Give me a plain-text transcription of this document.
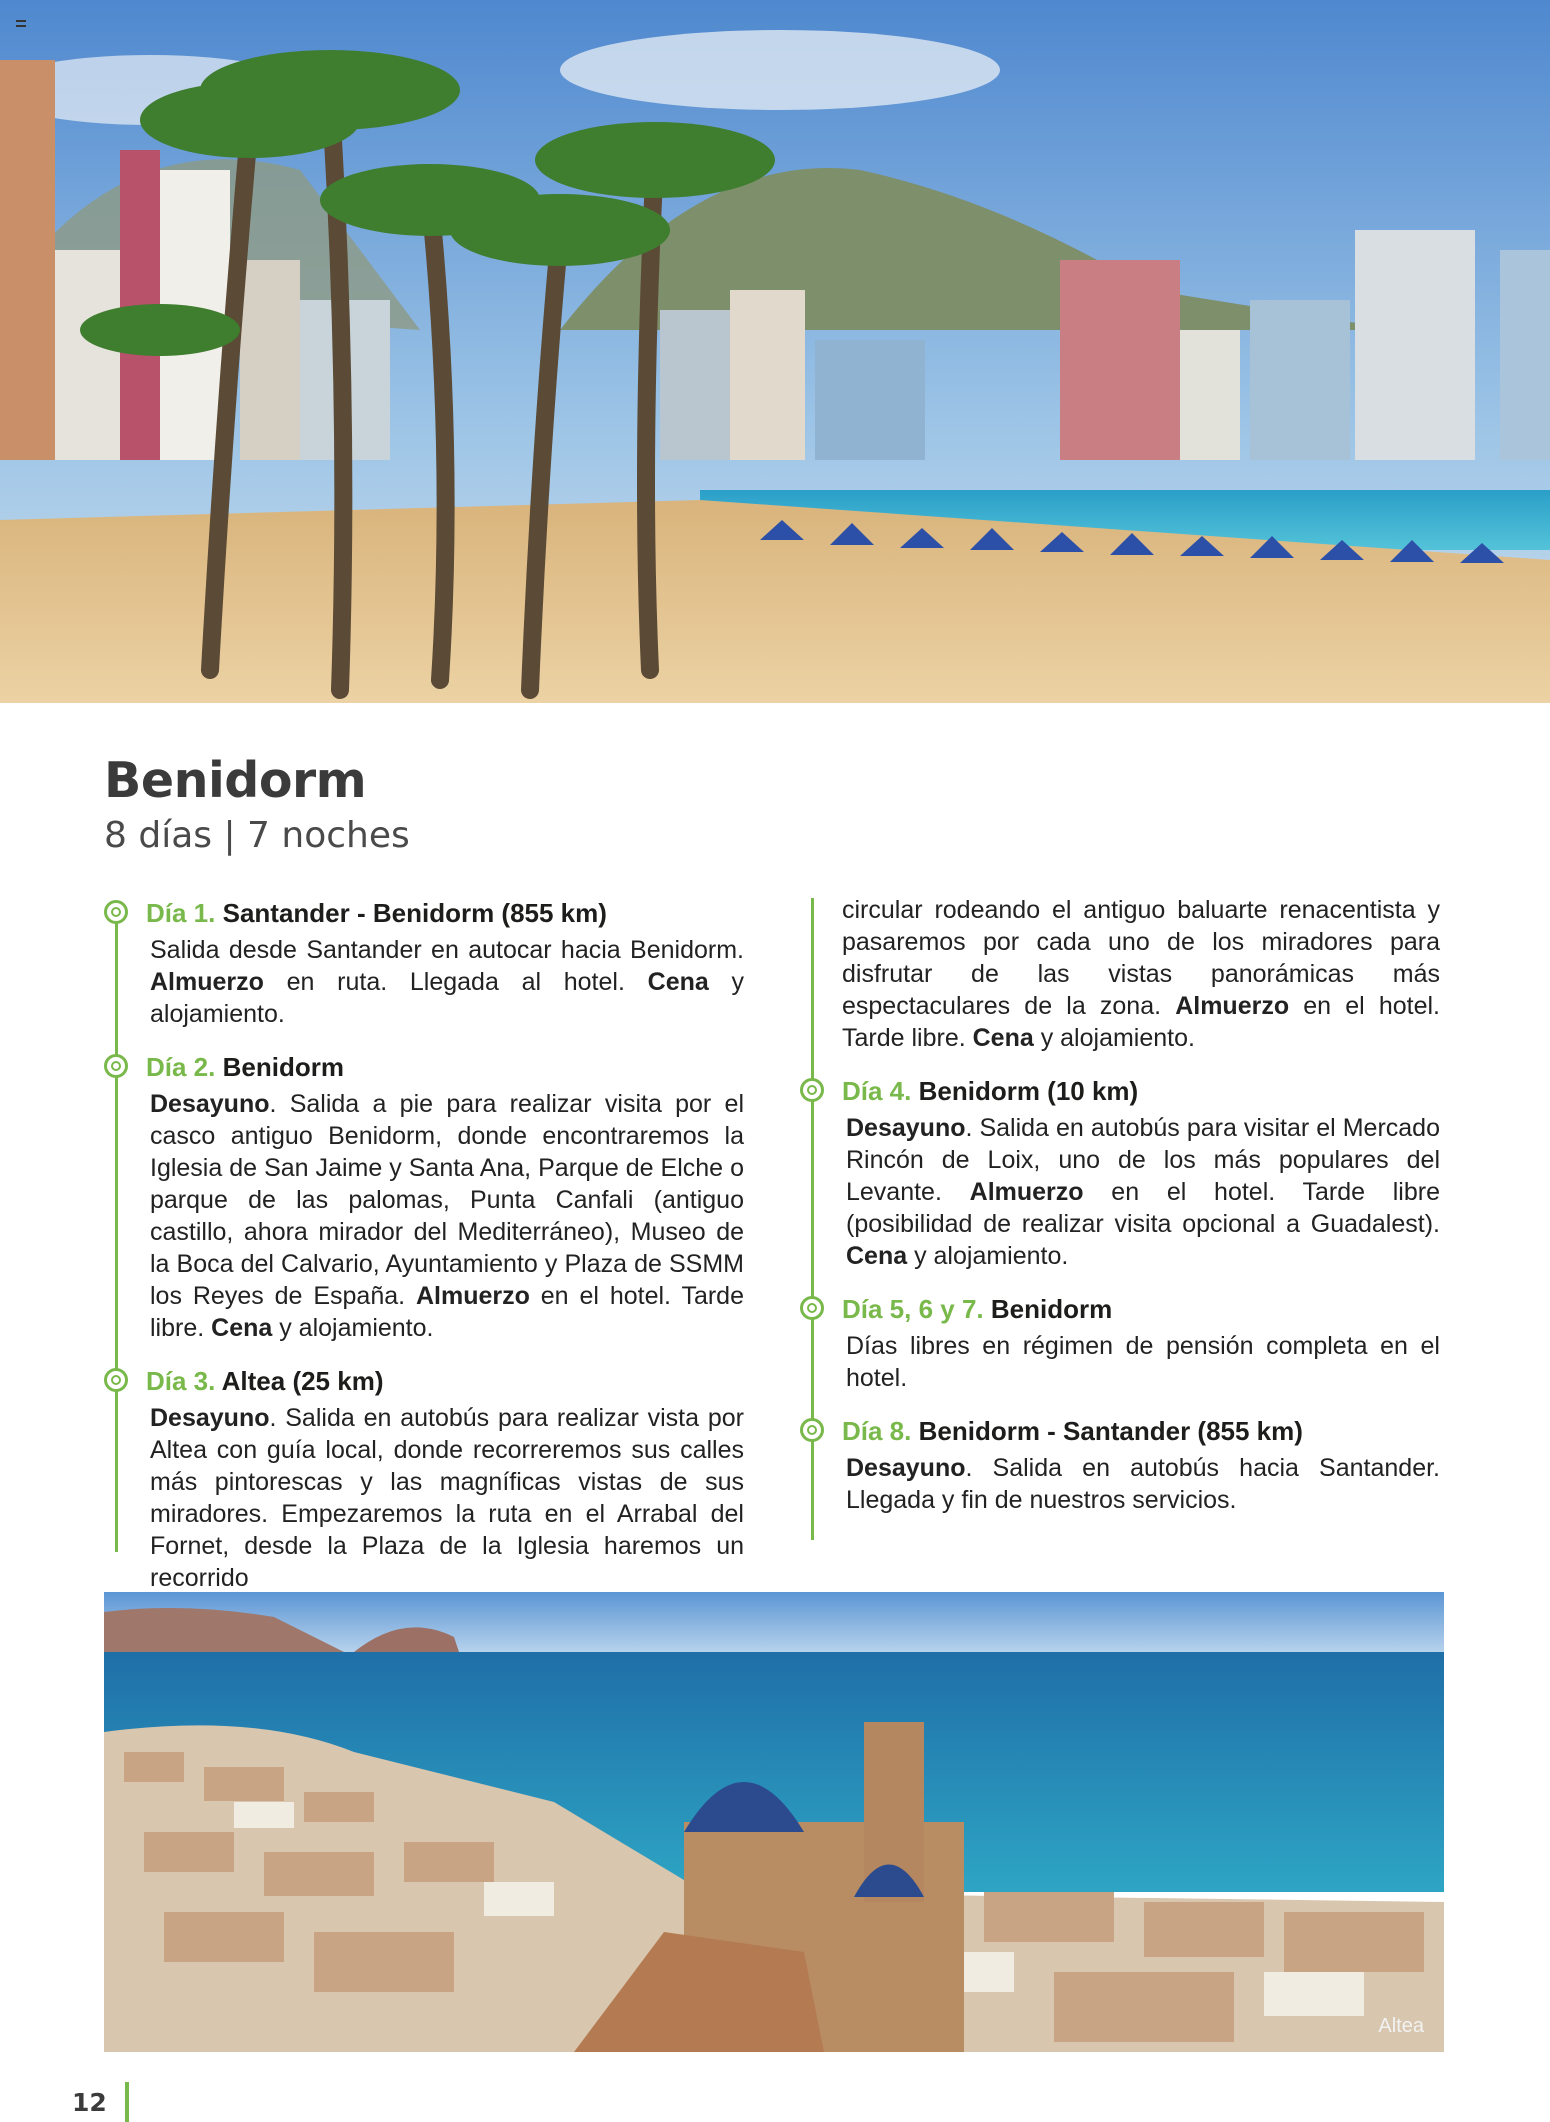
Benidorm

8 días | 7 noches

Día 1. Santander - Benidorm (855 km)

Salida desde Santander en autocar hacia Benidorm. Almuerzo en ruta. Llegada al hotel. Cena y alojamiento.

Día 2. Benidorm

Desayuno. Salida a pie para realizar visita por el casco antiguo Benidorm, donde encontraremos la Iglesia de San Jaime y Santa Ana, Parque de Elche o parque de las palomas, Punta Canfali (antiguo castillo, ahora mirador del Mediterráneo), Museo de la Boca del Calvario, Ayuntamiento y Plaza de SSMM los Reyes de España. Almuerzo en el hotel. Tarde libre. Cena y alojamiento.

Día 3. Altea (25 km)

Desayuno. Salida en autobús para realizar vista por Altea con guía local, donde recorreremos sus calles más pintorescas y las magníficas vistas de sus miradores. Empezaremos la ruta en el Arrabal del Fornet, desde la Plaza de la Iglesia haremos un recorrido

circular rodeando el antiguo baluarte renacentista y pasaremos por cada uno de los miradores para disfrutar de las vistas panorámicas más espectaculares de la zona. Almuerzo en el hotel. Tarde libre. Cena y alojamiento.

Día 4. Benidorm (10 km)

Desayuno. Salida en autobús para visitar el Mercado Rincón de Loix, uno de los más populares del Levante. Almuerzo en el hotel. Tarde libre (posibilidad de realizar visita opcional a Guadalest). Cena y alojamiento.

Día 5, 6 y 7. Benidorm

Días libres en régimen de pensión completa en el hotel.

Día 8. Benidorm - Santander (855 km)

Desayuno. Salida en autobús hacia Santander. Llegada y fin de nuestros servicios.

Altea
12
